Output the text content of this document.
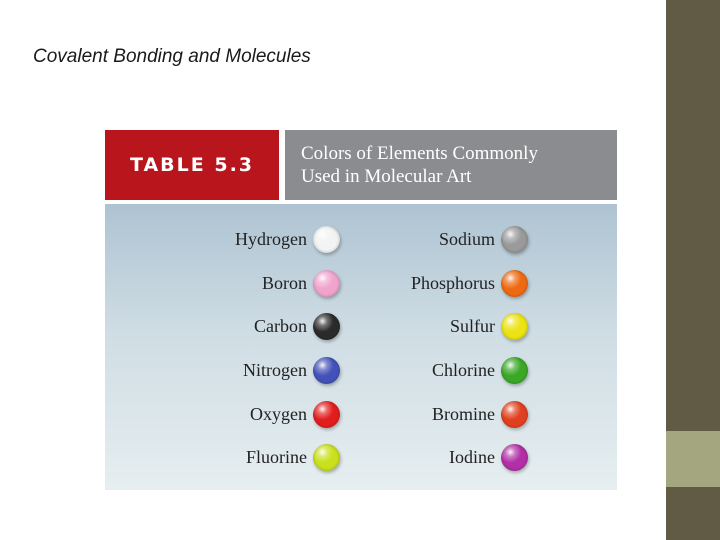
Covalent Bonding and Molecules
TABLE 5.3
Colors of Elements Commonly
Used in Molecular Art
Hydrogen
Boron
Carbon
Nitrogen
Oxygen
Fluorine
Sodium
Phosphorus
Sulfur
Chlorine
Bromine
Iodine
